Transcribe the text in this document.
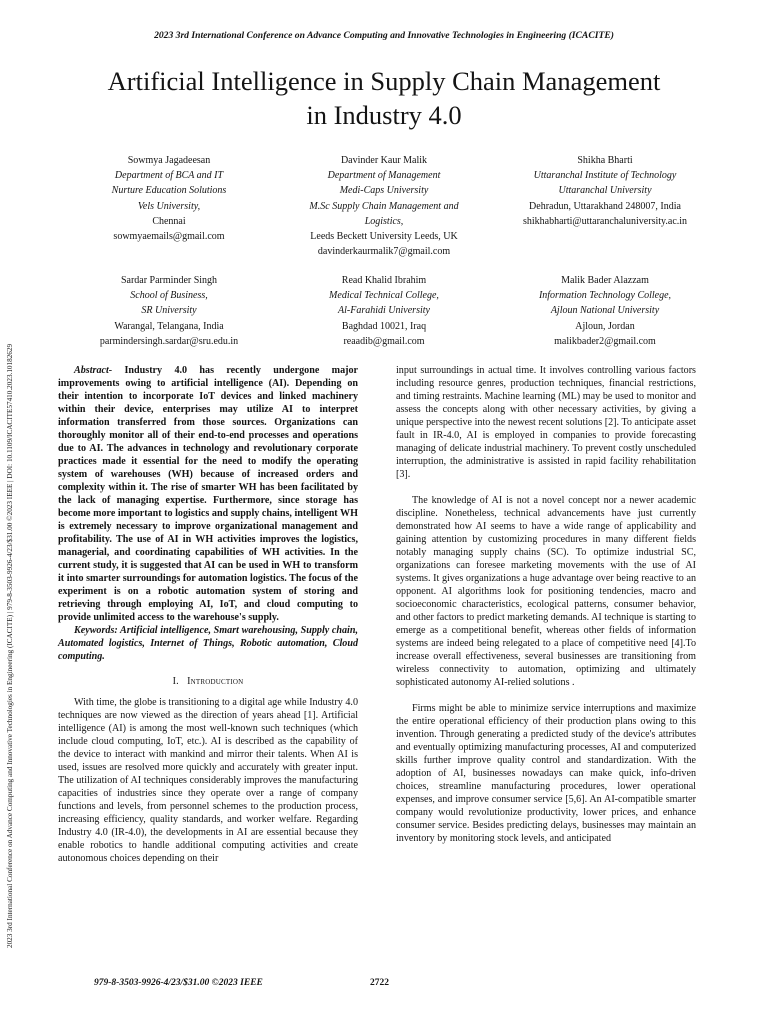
2023 3rd International Conference on Advance Computing and Innovative Technologies in Engineering (ICACITE)
2023 3rd International Conference on Advance Computing and Innovative Technologies in Engineering (ICACITE) | 979-8-3503-9926-4/23/$31.00 ©2023 IEEE | DOI: 10.1109/ICACITE57410.2023.10182629
Artificial Intelligence in Supply Chain Management
in Industry 4.0
Sowmya Jagadeesan
Department of BCA and IT
Nurture Education Solutions
Vels University,
Chennai
sowmyaemails@gmail.com
Davinder Kaur Malik
Department of Management
Medi-Caps University
M.Sc Supply Chain Management and
Logistics,
Leeds Beckett University Leeds, UK
davinderkaurmalik7@gmail.com
Shikha Bharti
Uttaranchal Institute of Technology
Uttaranchal University
Dehradun, Uttarakhand 248007, India
shikhabharti@uttaranchaluniversity.ac.in
Sardar Parminder Singh
School of Business,
SR University
Warangal, Telangana, India
parmindersingh.sardar@sru.edu.in
Read Khalid Ibrahim
Medical Technical College,
Al-Farahidi University
Baghdad 10021, Iraq
reaadib@gmail.com
Malik Bader Alazzam
Information Technology College,
Ajloun National University
Ajloun, Jordan
malikbader2@gmail.com

Abstract- Industry 4.0 has recently undergone major improvements owing to artificial intelligence (AI). Depending on their intention to incorporate IoT devices and linked machinery within their device, enterprises may utilize AI to interpret information transferred from those sources. Organizations can thoroughly monitor all of their end-to-end processes and operations due to AI. The advances in technology and revolutionary corporate practices made it essential for the need to modify the operating system of warehouses (WH) because of increased orders and complexity within it. The rise of smarter WH has been facilitated by the lack of managing expertise. Furthermore, since storage has become more important to logistics and supply chains, intelligent WH is extremely necessary to improve organizational management and profitability. The use of AI in WH activities improves the logistics, managerial, and coordinating capabilities of WH activities. In the current study, it is suggested that AI can be used in WH to transform it into smarter surroundings for automation logistics. The focus of the experiment is on a robotic automation system of storing and retrieving through employing AI, IoT, and cloud computing to provide unlimited access to the warehouse's supply.

Keywords: Artificial intelligence, Smart warehousing, Supply chain, Automated logistics, Internet of Things, Robotic automation, Cloud computing.

I. Introduction

With time, the globe is transitioning to a digital age while Industry 4.0 techniques are now viewed as the direction of years ahead [1]. Artificial intelligence (AI) is among the most well-known such techniques (which include cloud computing, IoT, etc.). AI is described as the capability of the device to interact with mankind and mirror their talents. When AI is used, issues are resolved more quickly and accurately with greater input. The utilization of AI techniques considerably improves the manufacturing capacities of industries since they operate over a range of company functions and levels, from personnel schemes to the production process, increasing efficiency, quality standards, and worker welfare. Regarding Industry 4.0 (IR-4.0), the developments in AI are essential because they enable robotics to handle additional computing activities and create autonomous choices depending on their

input surroundings in actual time. It involves controlling various factors including resource genres, production techniques, financial restrictions, and timing restraints. Machine learning (ML) may be used to monitor and assess the concepts along with other necessary activities, by giving a unique perspective into the newest recent solutions [2]. To anticipate asset fault in IR-4.0, AI is employed in companies to provide forecasting managing of delicate industrial machinery. To prevent costly unscheduled interruption, the administrative is assisted in rapid facility rehabilitation [3].

The knowledge of AI is not a novel concept nor a newer academic discipline. Nonetheless, technical advancements have just currently demonstrated how AI seems to have a wide range of applicability and gaining attention by customizing procedures in many different fields notably managing supply chains (SC). To optimize industrial SC, organizations can foresee marketing movements with the use of AI systems. It gives organizations a huge advantage over being reactive to an opponent. AI algorithms look for positioning tendencies, macro and socioeconomic characteristics, ecological patterns, consumer behavior, and other factors to predict marketing demands. AI technique is starting to emerge as a competitional benefit, whereas other fields of information systems are indeed being relegated to a place of competitive need [4].To increase overall effectiveness, several businesses are transitioning from wireless connectivity to automation, optimizing and ultimately sophisticated autonomy AI-relied solutions .

Firms might be able to minimize service interruptions and maximize the entire operational efficiency of their production plans owing to this invention. Through generating a predicted study of the device's attributes and eventually optimizing manufacturing processes, AI and computerized skills further improve quality control and standardization. With the adoption of AI, businesses nowadays can make quick, info-driven choices, streamline manufacturing procedures, lower operational expenses, and improve consumer service [5,6]. An AI-compatible smarter company would revolutionize productivity, lower prices, and enhance consumer service. Besides predicting delays, businesses may maintain an inventory by monitoring stock levels, and anticipated

979-8-3503-9926-4/23/$31.00 ©2023 IEEE	2722
